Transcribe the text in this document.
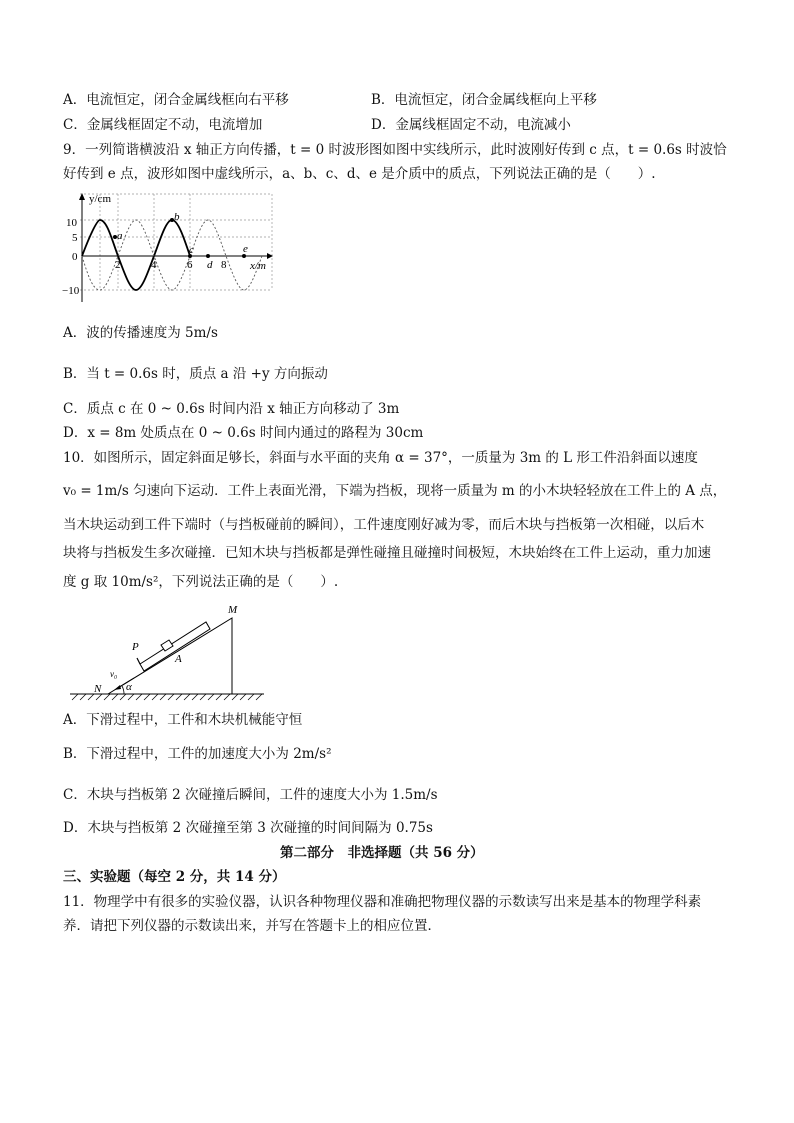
A．电流恒定，闭合金属线框向右平移	B．电流恒定，闭合金属线框向上平移
C．金属线框固定不动，电流增加	D．金属线框固定不动，电流减小
9．一列简谐横波沿 x 轴正方向传播，t = 0 时波形图如图中实线所示，此时波刚好传到 c 点，t = 0.6s 时波恰
好传到 e 点，波形如图中虚线所示，a、b、c、d、e 是介质中的质点，下列说法正确的是（　　）.
y/cm
10
5
0
−10
2	4	6	8 x/m
a
b
c
d
e
A．波的传播速度为 5m/s
B．当 t = 0.6s 时，质点 a 沿 +y 方向振动
C．质点 c 在 0 ~ 0.6s 时间内沿 x 轴正方向移动了 3m
D．x = 8m 处质点在 0 ~ 0.6s 时间内通过的路程为 30cm
10．如图所示，固定斜面足够长，斜面与水平面的夹角 α = 37°，一质量为 3m 的 L 形工件沿斜面以速度
v₀ = 1m/s 匀速向下运动．工件上表面光滑，下端为挡板，现将一质量为 m 的小木块轻轻放在工件上的 A 点，
当木块运动到工件下端时（与挡板碰前的瞬间），工件速度刚好减为零，而后木块与挡板第一次相碰，以后木
块将与挡板发生多次碰撞．已知木块与挡板都是弹性碰撞且碰撞时间极短，木块始终在工件上运动，重力加速
度 g 取 10m/s²，下列说法正确的是（　　）.
M
P
A
v₀
N α
A．下滑过程中，工件和木块机械能守恒
B．下滑过程中，工件的加速度大小为 2m/s²
C．木块与挡板第 2 次碰撞后瞬间，工件的速度大小为 1.5m/s
D．木块与挡板第 2 次碰撞至第 3 次碰撞的时间间隔为 0.75s
第二部分　非选择题（共 56 分）
三、实验题（每空 2 分，共 14 分）
11．物理学中有很多的实验仪器，认识各种物理仪器和准确把物理仪器的示数读写出来是基本的物理学科素
养．请把下列仪器的示数读出来，并写在答题卡上的相应位置．
